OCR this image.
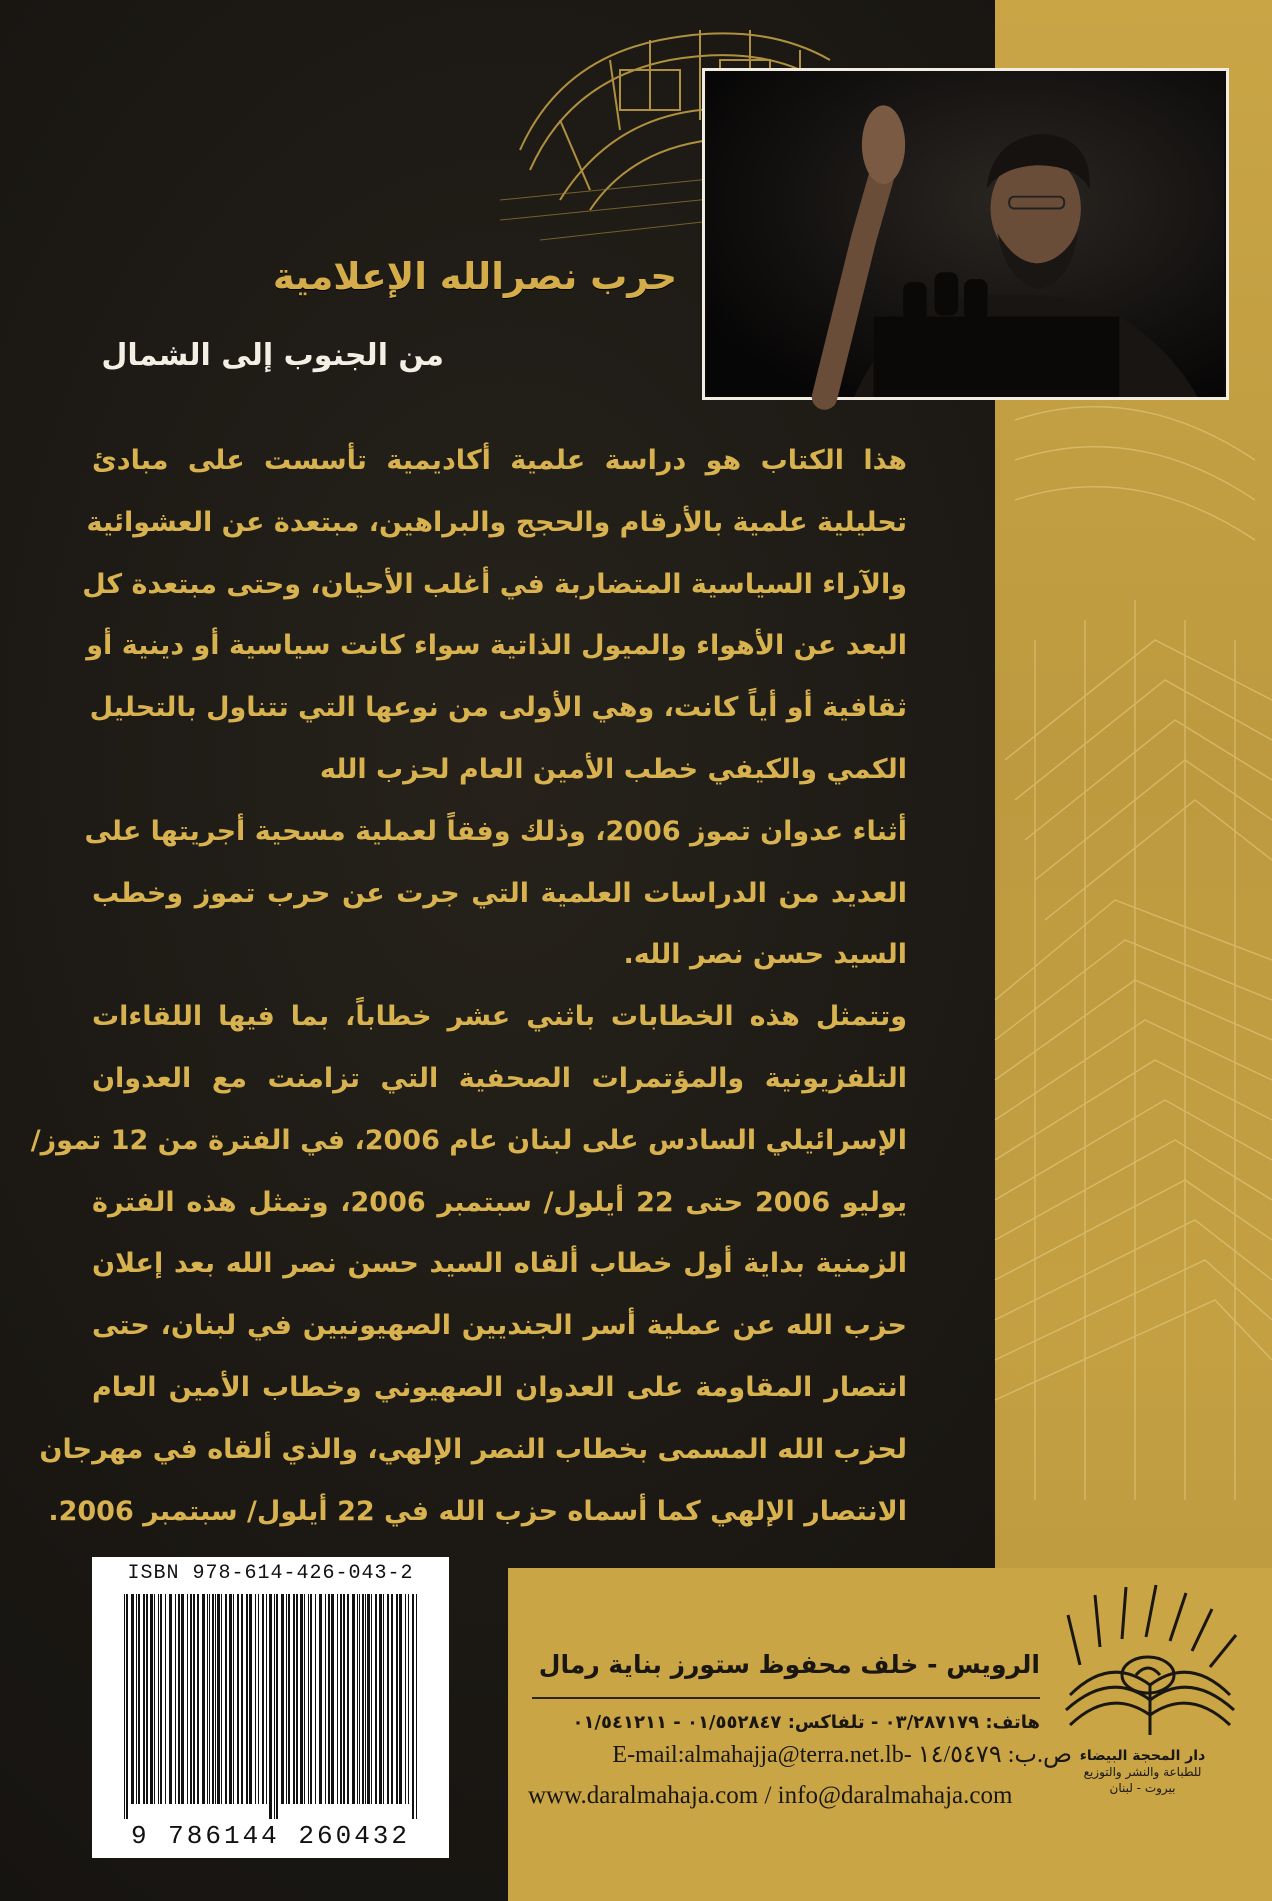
حرب نصرالله الإعلامية
من الجنوب إلى الشمال
هذا الكتاب هو دراسة علمية أكاديمية تأسست على مبادئ
تحليلية علمية بالأرقام والحجج والبراهين، مبتعدة عن العشوائية
والآراء السياسية المتضاربة في أغلب الأحيان، وحتى مبتعدة كل
البعد عن الأهواء والميول الذاتية سواء كانت سياسية أو دينية أو
ثقافية أو أياً كانت، وهي الأولى من نوعها التي تتناول بالتحليل
الكمي والكيفي خطب الأمين العام لحزب الله
أثناء عدوان تموز 2006، وذلك وفقاً لعملية مسحية أجريتها على
العديد من الدراسات العلمية التي جرت عن حرب تموز وخطب
السيد حسن نصر الله.
وتتمثل هذه الخطابات باثني عشر خطاباً، بما فيها اللقاءات
التلفزيونية والمؤتمرات الصحفية التي تزامنت مع العدوان
الإسرائيلي السادس على لبنان عام 2006، في الفترة من 12 تموز/
يوليو 2006 حتى 22 أيلول/ سبتمبر 2006، وتمثل هذه الفترة
الزمنية بداية أول خطاب ألقاه السيد حسن نصر الله بعد إعلان
حزب الله عن عملية أسر الجنديين الصهيونيين في لبنان، حتى
انتصار المقاومة على العدوان الصهيوني وخطاب الأمين العام
لحزب الله المسمى بخطاب النصر الإلهي، والذي ألقاه في مهرجان
الانتصار الإلهي كما أسماه حزب الله في 22 أيلول/ سبتمبر 2006.
ISBN 978-614-426-043-2
9 786144 260432
الرويس - خلف محفوظ ستورز بناية رمال
هاتف: ٠٣/٢٨٧١٧٩ - تلفاكس: ٠١/٥٥٢٨٤٧ - ٠١/٥٤١٢١١
E-mail:almahajja@terra.net.lb- ص.ب: ١٤/٥٤٧٩
www.daralmahaja.com / info@daralmahaja.com
دار المحجة البيضاء
للطباعة والنشر والتوزيع
بيروت - لبنان
